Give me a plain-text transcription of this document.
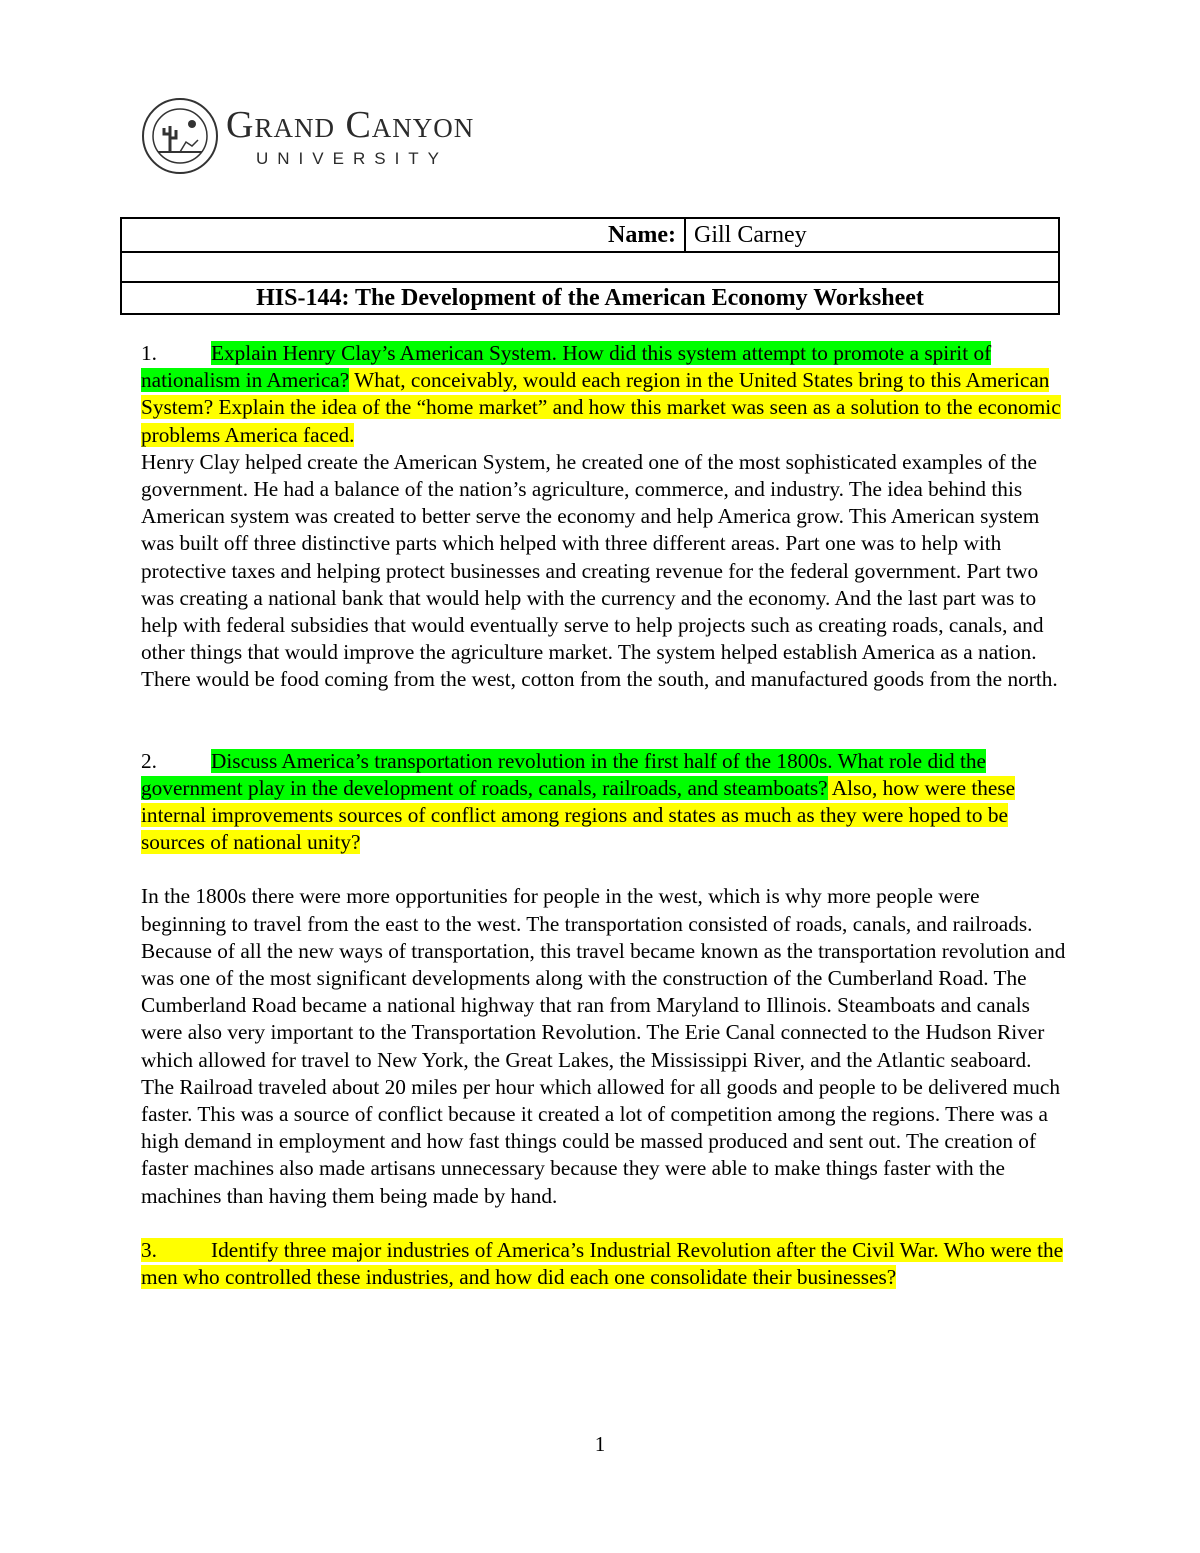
Grand Canyon
UNIVERSITY
Name:	Gill Carney

HIS-144: The Development of the American Economy Worksheet

1.	Explain Henry Clay’s American System. How did this system attempt to promote a spirit of nationalism in America? What, conceivably, would each region in the United States bring to this American System? Explain the idea of the “home market” and how this market was seen as a solution to the economic problems America faced.

Henry Clay helped create the American System, he created one of the most sophisticated examples of the government. He had a balance of the nation’s agriculture, commerce, and industry. The idea behind this American system was created to better serve the economy and help America grow. This American system was built off three distinctive parts which helped with three different areas. Part one was to help with protective taxes and helping protect businesses and creating revenue for the federal government. Part two was creating a national bank that would help with the currency and the economy. And the last part was to help with federal subsidies that would eventually serve to help projects such as creating roads, canals, and other things that would improve the agriculture market. The system helped establish America as a nation. There would be food coming from the west, cotton from the south, and manufactured goods from the north.

2.	Discuss America’s transportation revolution in the first half of the 1800s. What role did the government play in the development of roads, canals, railroads, and steamboats? Also, how were these internal improvements sources of conflict among regions and states as much as they were hoped to be sources of national unity?

In the 1800s there were more opportunities for people in the west, which is why more people were beginning to travel from the east to the west. The transportation consisted of roads, canals, and railroads. Because of all the new ways of transportation, this travel became known as the transportation revolution and was one of the most significant developments along with the construction of the Cumberland Road. The Cumberland Road became a national highway that ran from Maryland to Illinois. Steamboats and canals were also very important to the Transportation Revolution. The Erie Canal connected to the Hudson River which allowed for travel to New York, the Great Lakes, the Mississippi River, and the Atlantic seaboard. The Railroad traveled about 20 miles per hour which allowed for all goods and people to be delivered much faster. This was a source of conflict because it created a lot of competition among the regions. There was a high demand in employment and how fast things could be massed produced and sent out. The creation of faster machines also made artisans unnecessary because they were able to make things faster with the machines than having them being made by hand.

3.	Identify three major industries of America’s Industrial Revolution after the Civil War. Who were the men who controlled these industries, and how did each one consolidate their businesses?

1
